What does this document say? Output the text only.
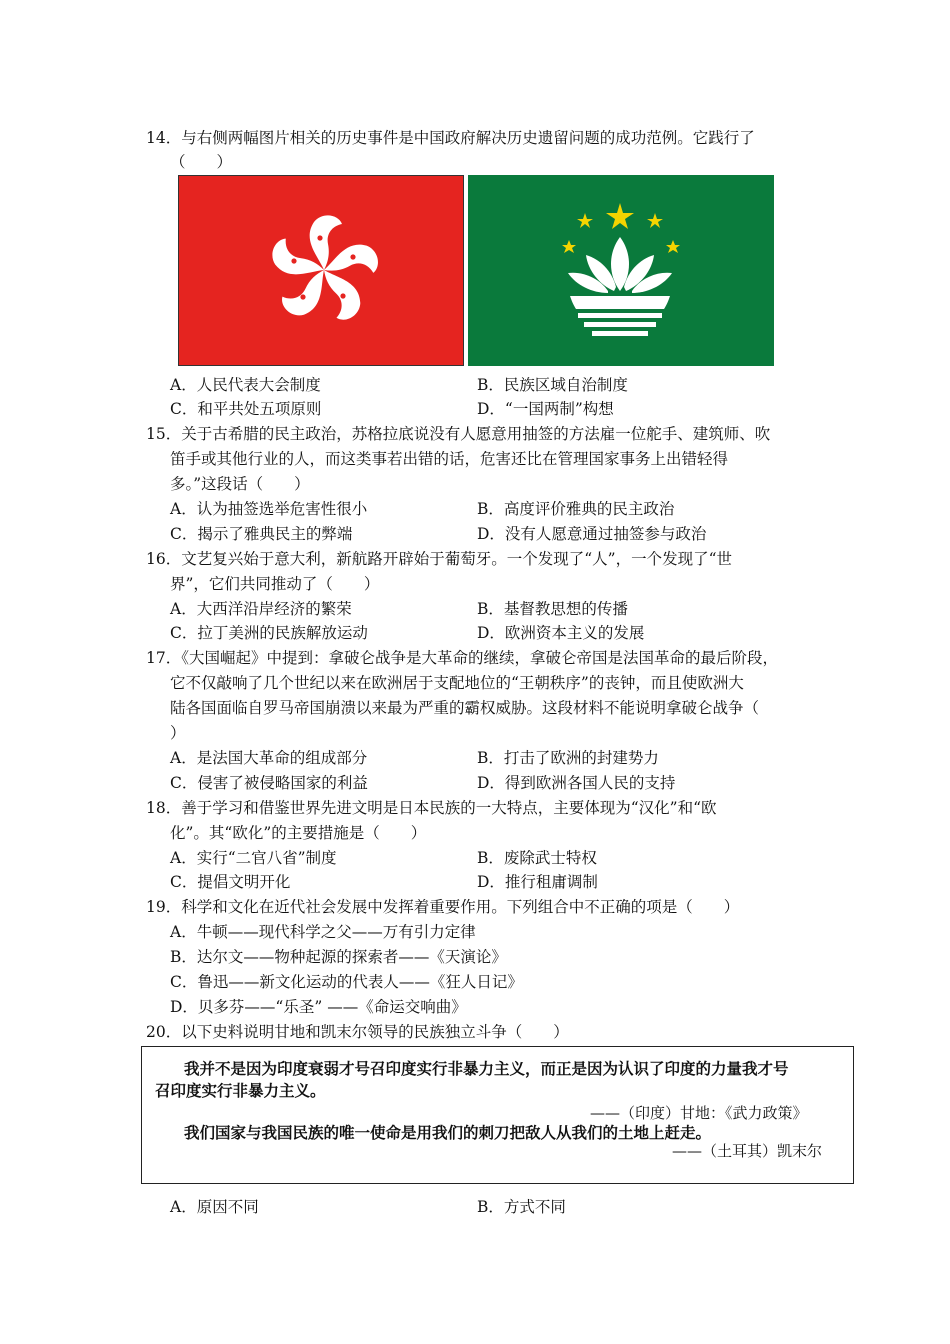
14．与右侧两幅图片相关的历史事件是中国政府解决历史遗留问题的成功范例。它践行了
（　　）
A．人民代表大会制度	B．民族区域自治制度
C．和平共处五项原则	D．“一国两制”构想
15．关于古希腊的民主政治，苏格拉底说没有人愿意用抽签的方法雇一位舵手、建筑师、吹
笛手或其他行业的人，而这类事若出错的话，危害还比在管理国家事务上出错轻得
多。”这段话（　　）
A．认为抽签选举危害性很小	B．高度评价雅典的民主政治
C．揭示了雅典民主的弊端	D．没有人愿意通过抽签参与政治
16．文艺复兴始于意大利，新航路开辟始于葡萄牙。一个发现了“人”，一个发现了“世
界”，它们共同推动了（　　）
A．大西洋沿岸经济的繁荣	B．基督教思想的传播
C．拉丁美洲的民族解放运动	D．欧洲资本主义的发展
17．《大国崛起》中提到：拿破仑战争是大革命的继续，拿破仑帝国是法国革命的最后阶段，
它不仅敲响了几个世纪以来在欧洲居于支配地位的“王朝秩序”的丧钟，而且使欧洲大
陆各国面临自罗马帝国崩溃以来最为严重的霸权威胁。这段材料不能说明拿破仑战争（
）
A．是法国大革命的组成部分	B．打击了欧洲的封建势力
C．侵害了被侵略国家的利益	D．得到欧洲各国人民的支持
18．善于学习和借鉴世界先进文明是日本民族的一大特点，主要体现为“汉化”和“欧
化”。其“欧化”的主要措施是（　　）
A．实行“二官八省”制度	B．废除武士特权
C．提倡文明开化	D．推行租庸调制
19．科学和文化在近代社会发展中发挥着重要作用。下列组合中不正确的项是（　　）
A．牛顿——现代科学之父——万有引力定律
B．达尔文——物种起源的探索者——《天演论》
C．鲁迅——新文化运动的代表人——《狂人日记》
D．贝多芬——“乐圣” ——《命运交响曲》
20．以下史料说明甘地和凯末尔领导的民族独立斗争（　　）
我并不是因为印度衰弱才号召印度实行非暴力主义，而正是因为认识了印度的力量我才号
召印度实行非暴力主义。
——（印度）甘地：《武力政策》
我们国家与我国民族的唯一使命是用我们的刺刀把敌人从我们的土地上赶走。
——（土耳其）凯末尔
A．原因不同	B．方式不同
